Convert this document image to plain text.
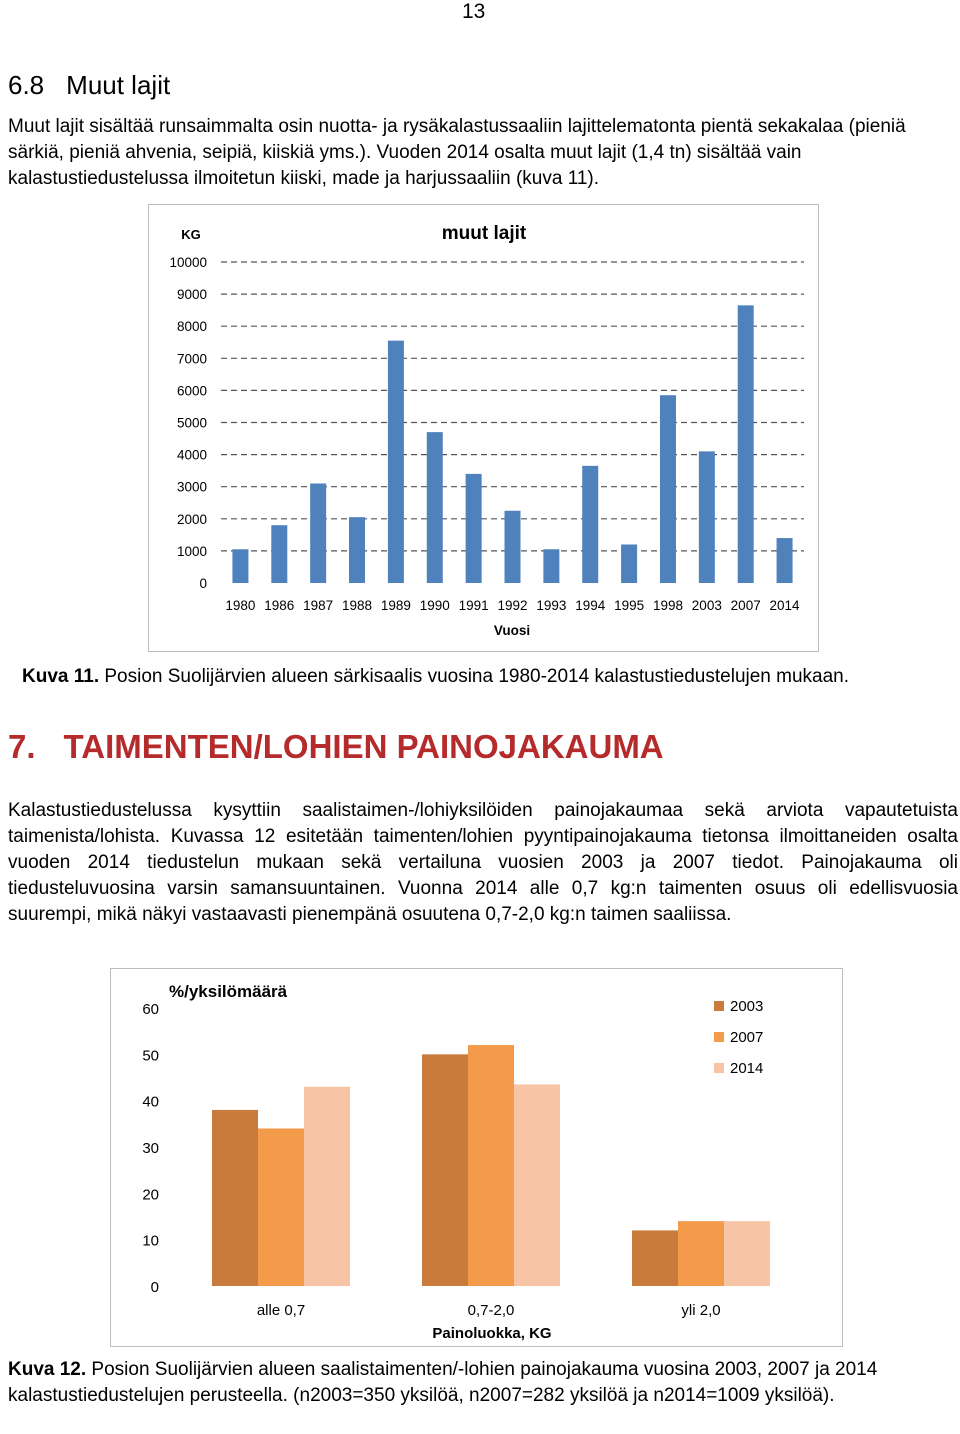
13
6.8 Muut lajit
Muut lajit sisältää runsaimmalta osin nuotta- ja rysäkalastussaaliin lajittelematonta pientä sekakalaa (pieniä särkiä, pieniä ahvenia, seipiä, kiiskiä yms.). Vuoden 2014 osalta muut lajit (1,4 tn) sisältää vain kalastustiedustelussa ilmoitetun kiiski, made ja harjussaaliin (kuva 11).
muut lajit
KG
0
1000
2000
3000
4000
5000
6000
7000
8000
9000
10000
1980 1986 1987 1988 1989 1990 1991 1992 1993 1994 1995 1998 2003 2007 2014
Vuosi
Kuva 11. Posion Suolijärvien alueen särkisaalis vuosina 1980-2014 kalastustiedustelujen mukaan.
7. TAIMENTEN/LOHIEN PAINOJAKAUMA
Kalastustiedustelussa kysyttiin saalistaimen-/lohiyksilöiden painojakaumaa sekä arviota vapautetuista taimenista/lohista. Kuvassa 12 esitetään taimenten/lohien pyyntipainojakauma tietonsa ilmoittaneiden osalta vuoden 2014 tiedustelun mukaan sekä vertailuna vuosien 2003 ja 2007 tiedot. Painojakauma oli tiedusteluvuosina varsin samansuuntainen. Vuonna 2014 alle 0,7 kg:n taimenten osuus oli edellisvuosia suurempi, mikä näkyi vastaavasti pienempänä osuutena 0,7-2,0 kg:n taimen saaliissa.
%/yksilömäärä
0
10
20
30
40
50
60
alle 0,7	0,7-2,0	yli 2,0
Painoluokka, KG
2003
2007
2014
Kuva 12. Posion Suolijärvien alueen saalistaimenten/-lohien painojakauma vuosina 2003, 2007 ja 2014 kalastustiedustelujen perusteella. (n2003=350 yksilöä, n2007=282 yksilöä ja n2014=1009 yksilöä).
